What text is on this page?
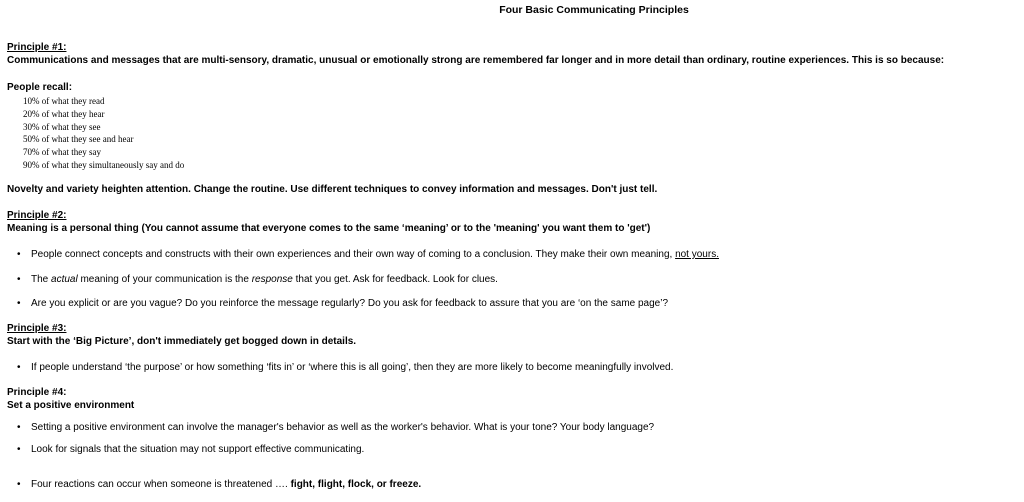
Four Basic Communicating Principles
Principle #1:
Communications and messages that are multi-sensory, dramatic, unusual or emotionally strong are remembered far longer and in more detail than ordinary, routine experiences. This is so because:
People recall:
10% of what they read
20% of what they hear
30% of what they see
50% of what they see and hear
70% of what they say
90% of what they simultaneously say and do
Novelty and variety heighten attention. Change the routine. Use different techniques to convey information and messages. Don't just tell.
Principle #2:
Meaning is a personal thing (You cannot assume that everyone comes to the same ‘meaning’ or to the 'meaning' you want them to 'get')
• People connect concepts and constructs with their own experiences and their own way of coming to a conclusion. They make their own meaning, not yours.
• The actual meaning of your communication is the response that you get. Ask for feedback. Look for clues.
• Are you explicit or are you vague? Do you reinforce the message regularly? Do you ask for feedback to assure that you are ‘on the same page’?
Principle #3:
Start with the ‘Big Picture’, don't immediately get bogged down in details.
• If people understand ‘the purpose’ or how something ‘fits in’ or ‘where this is all going’, then they are more likely to become meaningfully involved.
Principle #4:
Set a positive environment
• Setting a positive environment can involve the manager's behavior as well as the worker's behavior. What is your tone? Your body language?
• Look for signals that the situation may not support effective communicating.
• Four reactions can occur when someone is threatened …. fight, flight, flock, or freeze.
